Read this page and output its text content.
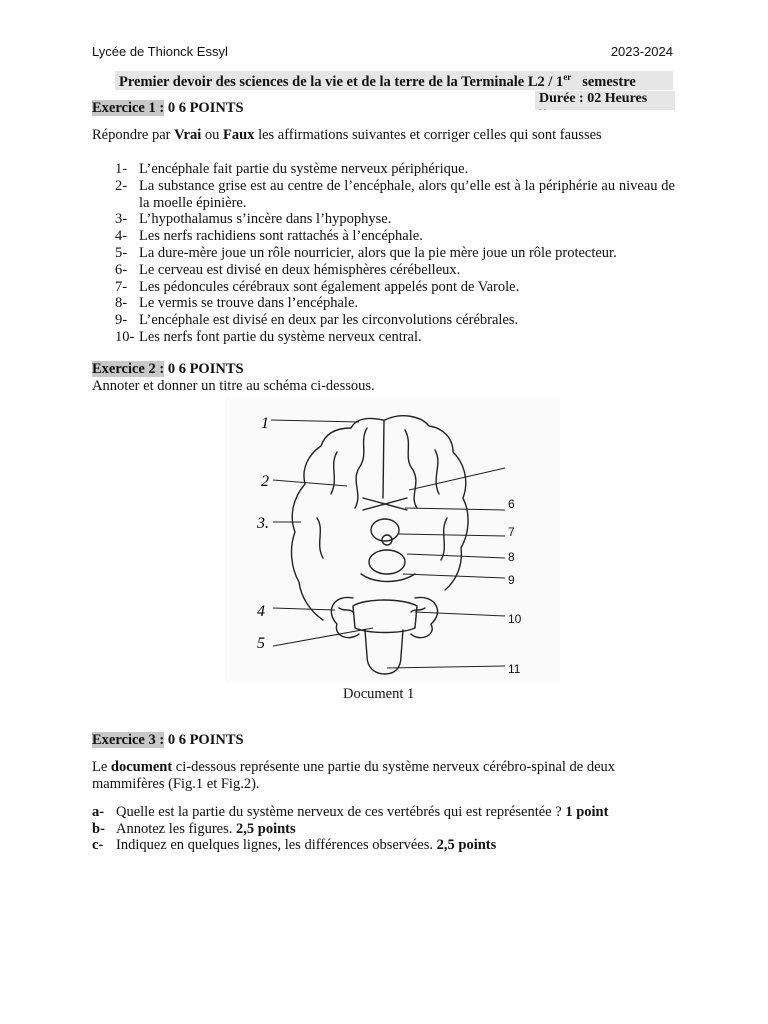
Lycée de Thionck Essyl	2023-2024
Premier devoir des sciences de la vie et de la terre de la Terminale L2 / 1er semestre
Durée : 02 Heures
- -
Exercice 1 : 0 6 POINTS
Répondre par Vrai ou Faux les affirmations suivantes et corriger celles qui sont fausses
1- L’encéphale fait partie du système nerveux périphérique.
2- La substance grise est au centre de l’encéphale, alors qu’elle est à la périphérie au niveau de la moelle épinière.
3- L’hypothalamus s’incère dans l’hypophyse.
4- Les nerfs rachidiens sont rattachés à l’encéphale.
5- La dure-mère joue un rôle nourricier, alors que la pie mère joue un rôle protecteur.
6- Le cerveau est divisé en deux hémisphères cérébelleux.
7- Les pédoncules cérébraux sont également appelés pont de Varole.
8- Le vermis se trouve dans l’encéphale.
9- L’encéphale est divisé en deux par les circonvolutions cérébrales.
10- Les nerfs font partie du système nerveux central.
Exercice 2 : 0 6 POINTS
Annoter et donner un titre au schéma ci-dessous.
1
2
3.
4
5
6
7
8
9
10
11
Document 1
Exercice 3 : 0 6 POINTS
Le document ci-dessous représente une partie du système nerveux cérébro-spinal de deux
mammifères (Fig.1 et Fig.2).
a- Quelle est la partie du système nerveux de ces vertébrés qui est représentée ? 1 point
b- Annotez les figures. 2,5 points
c- Indiquez en quelques lignes, les différences observées. 2,5 points
